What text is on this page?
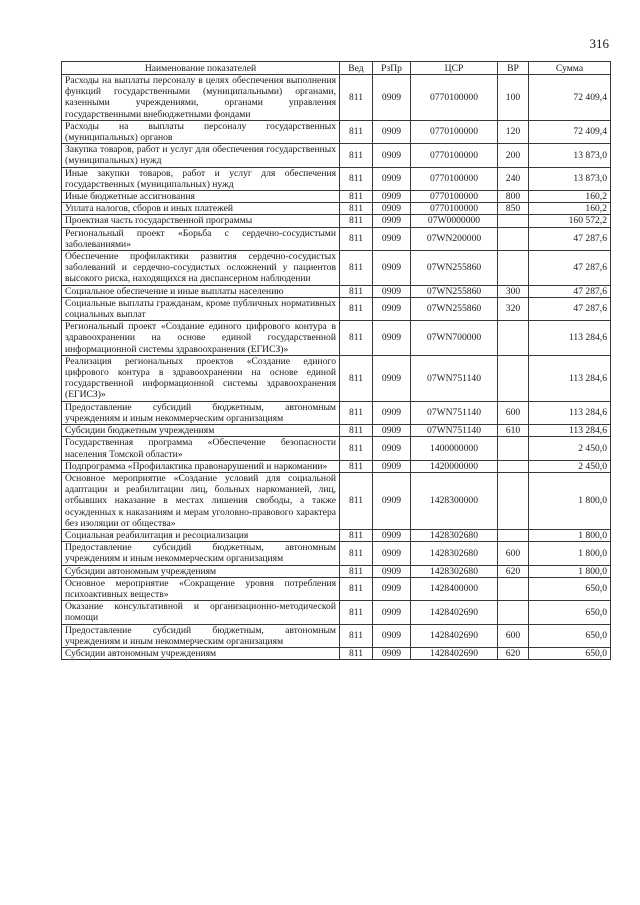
316
Наименование показателей	Вед	РзПр	ЦСР	ВР	Сумма
Расходы на выплаты персоналу в целях обеспечения выполнения функций государственными (муниципальными) органами, казенными учреждениями, органами управления государственными внебюджетными фондами	811	0909	0770100000	100	72 409,4
Расходы на выплаты персоналу государственных (муниципальных) органов	811	0909	0770100000	120	72 409,4
Закупка товаров, работ и услуг для обеспечения государственных (муниципальных) нужд	811	0909	0770100000	200	13 873,0
Иные закупки товаров, работ и услуг для обеспечения государственных (муниципальных) нужд	811	0909	0770100000	240	13 873,0
Иные бюджетные ассигнования	811	0909	0770100000	800	160,2
Уплата налогов, сборов и иных платежей	811	0909	0770100000	850	160,2
Проектная часть государственной программы	811	0909	07W0000000		160 572,2
Региональный проект «Борьба с сердечно-сосудистыми заболеваниями»	811	0909	07WN200000		47 287,6
Обеспечение профилактики развития сердечно-сосудистых заболеваний и сердечно-сосудистых осложнений у пациентов высокого риска, находящихся на диспансерном наблюдении	811	0909	07WN255860		47 287,6
Социальное обеспечение и иные выплаты населению	811	0909	07WN255860	300	47 287,6
Социальные выплаты гражданам, кроме публичных нормативных социальных выплат	811	0909	07WN255860	320	47 287,6
Региональный проект «Создание единого цифрового контура в здравоохранении на основе единой государственной информационной системы здравоохранения (ЕГИСЗ)»	811	0909	07WN700000		113 284,6
Реализация региональных проектов «Создание единого цифрового контура в здравоохранении на основе единой государственной информационной системы здравоохранения (ЕГИСЗ)»	811	0909	07WN751140		113 284,6
Предоставление субсидий бюджетным, автономным учреждениям и иным некоммерческим организациям	811	0909	07WN751140	600	113 284,6
Субсидии бюджетным учреждениям	811	0909	07WN751140	610	113 284,6
Государственная программа «Обеспечение безопасности населения Томской области»	811	0909	1400000000		2 450,0
Подпрограмма «Профилактика правонарушений и наркомании»	811	0909	1420000000		2 450,0
Основное мероприятие «Создание условий для социальной адаптации и реабилитации лиц, больных наркоманией, лиц, отбывших наказание в местах лишения свободы, а также осужденных к наказаниям и мерам уголовно-правового характера без изоляции от общества»	811	0909	1428300000		1 800,0
Социальная реабилитация и ресоциализация	811	0909	1428302680		1 800,0
Предоставление субсидий бюджетным, автономным учреждениям и иным некоммерческим организациям	811	0909	1428302680	600	1 800,0
Субсидии автономным учреждениям	811	0909	1428302680	620	1 800,0
Основное мероприятие «Сокращение уровня потребления психоактивных веществ»	811	0909	1428400000		650,0
Оказание консультативной и организационно-методической помощи	811	0909	1428402690		650,0
Предоставление субсидий бюджетным, автономным учреждениям и иным некоммерческим организациям	811	0909	1428402690	600	650,0
Субсидии автономным учреждениям	811	0909	1428402690	620	650,0
